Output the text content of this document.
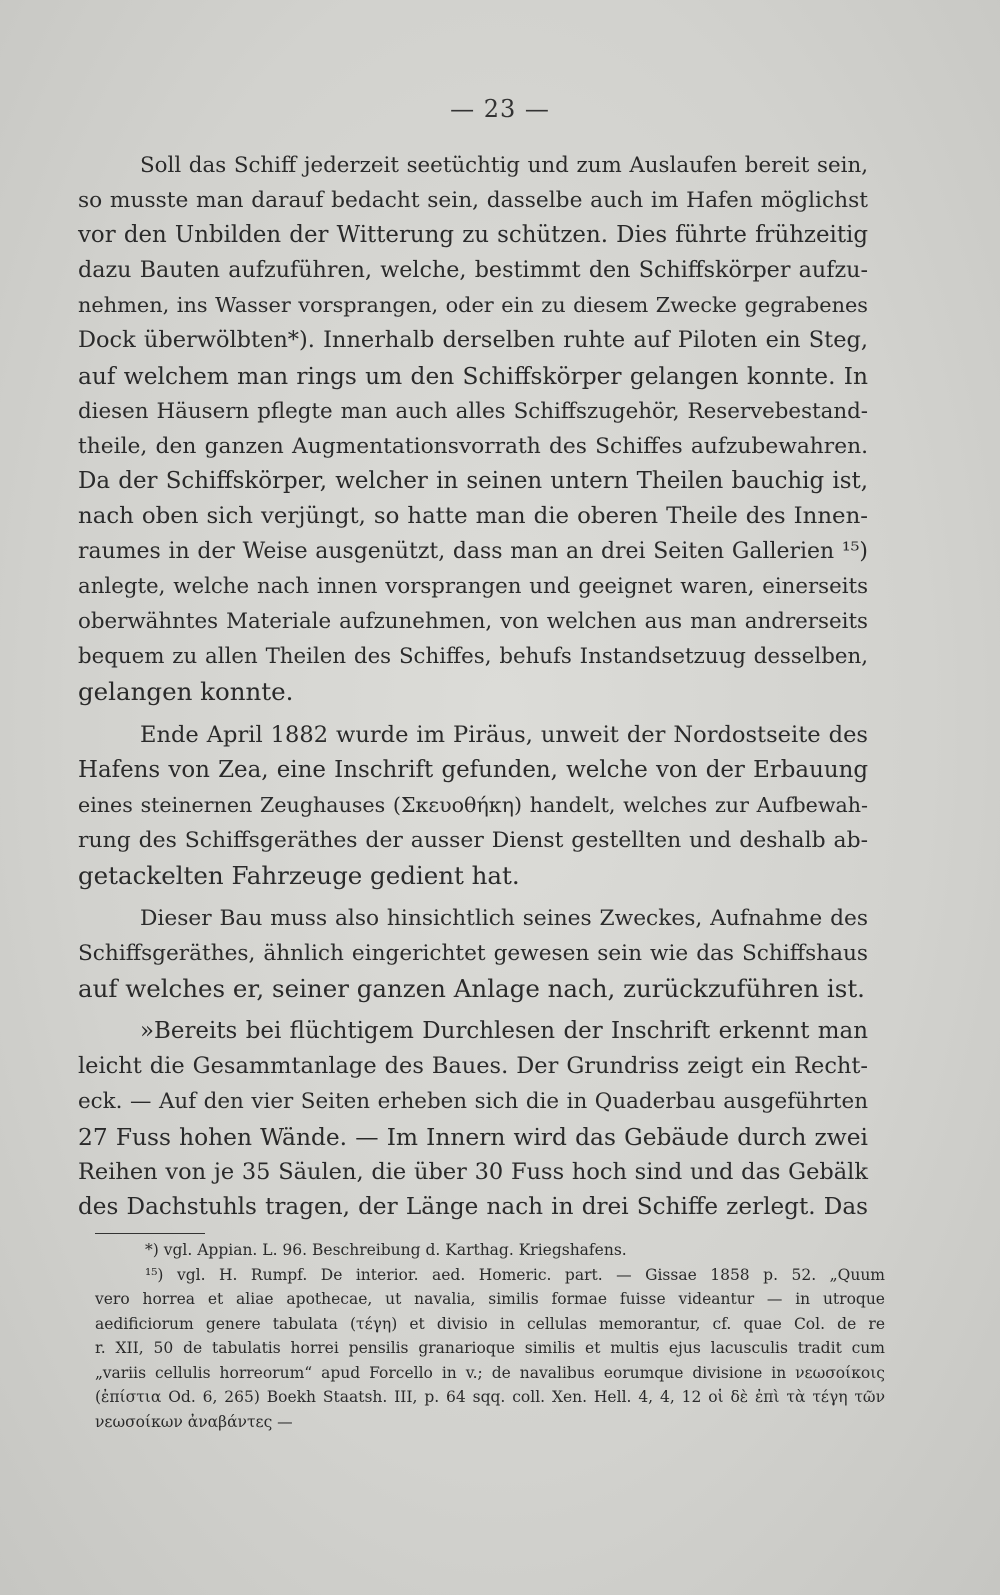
— 23 —
Soll das Schiff jederzeit seetüchtig und zum Auslaufen bereit sein,
so musste man darauf bedacht sein, dasselbe auch im Hafen möglichst
vor den Unbilden der Witterung zu schützen. Dies führte frühzeitig
dazu Bauten aufzuführen, welche, bestimmt den Schiffskörper aufzu-
nehmen, ins Wasser vorsprangen, oder ein zu diesem Zwecke gegrabenes
Dock überwölbten*). Innerhalb derselben ruhte auf Piloten ein Steg,
auf welchem man rings um den Schiffskörper gelangen konnte. In
diesen Häusern pflegte man auch alles Schiffszugehör, Reservebestand-
theile, den ganzen Augmentationsvorrath des Schiffes aufzubewahren.
Da der Schiffskörper, welcher in seinen untern Theilen bauchig ist,
nach oben sich verjüngt, so hatte man die oberen Theile des Innen-
raumes in der Weise ausgenützt, dass man an drei Seiten Gallerien ¹⁵)
anlegte, welche nach innen vorsprangen und geeignet waren, einerseits
oberwähntes Materiale aufzunehmen, von welchen aus man andrerseits
bequem zu allen Theilen des Schiffes, behufs Instandsetzuug desselben,
gelangen konnte.
Ende April 1882 wurde im Piräus, unweit der Nordostseite des
Hafens von Zea, eine Inschrift gefunden, welche von der Erbauung
eines steinernen Zeughauses (Σκευοθήκη) handelt, welches zur Aufbewah-
rung des Schiffsgeräthes der ausser Dienst gestellten und deshalb ab-
getackelten Fahrzeuge gedient hat.
Dieser Bau muss also hinsichtlich seines Zweckes, Aufnahme des
Schiffsgeräthes, ähnlich eingerichtet gewesen sein wie das Schiffshaus
auf welches er, seiner ganzen Anlage nach, zurückzuführen ist.
»Bereits bei flüchtigem Durchlesen der Inschrift erkennt man
leicht die Gesammtanlage des Baues. Der Grundriss zeigt ein Recht-
eck. — Auf den vier Seiten erheben sich die in Quaderbau ausgeführten
27 Fuss hohen Wände. — Im Innern wird das Gebäude durch zwei
Reihen von je 35 Säulen, die über 30 Fuss hoch sind und das Gebälk
des Dachstuhls tragen, der Länge nach in drei Schiffe zerlegt. Das
*) vgl. Appian. L. 96. Beschreibung d. Karthag. Kriegshafens.
¹⁵) vgl. H. Rumpf. De interior. aed. Homeric. part. — Gissae 1858 p. 52. „Quum
vero horrea et aliae apothecae, ut navalia, similis formae fuisse videantur — in utroque
aedificiorum genere tabulata (τέγη) et divisio in cellulas memorantur, cf. quae Col. de re
r. XII, 50 de tabulatis horrei pensilis granarioque similis et multis ejus lacusculis tradit cum
„variis cellulis horreorum“ apud Forcello in v.; de navalibus eorumque divisione in νεωσοίκοις
(ἐπίστια Od. 6, 265) Boekh Staatsh. III, p. 64 sqq. coll. Xen. Hell. 4, 4, 12 οἱ δὲ ἐπὶ τὰ τέγη τῶν
νεωσοίκων ἀναβάντες —
